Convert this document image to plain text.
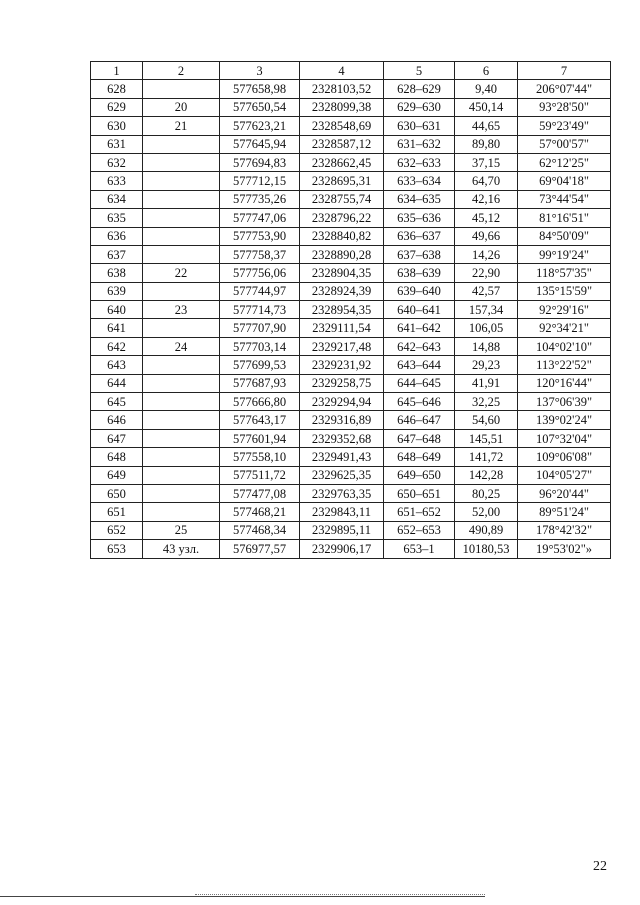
1	2	3	4	5	6	7
628		577658,98	2328103,52	628–629	9,40	206°07'44"
629	20	577650,54	2328099,38	629–630	450,14	93°28'50"
630	21	577623,21	2328548,69	630–631	44,65	59°23'49"
631		577645,94	2328587,12	631–632	89,80	57°00'57"
632		577694,83	2328662,45	632–633	37,15	62°12'25"
633		577712,15	2328695,31	633–634	64,70	69°04'18"
634		577735,26	2328755,74	634–635	42,16	73°44'54"
635		577747,06	2328796,22	635–636	45,12	81°16'51"
636		577753,90	2328840,82	636–637	49,66	84°50'09"
637		577758,37	2328890,28	637–638	14,26	99°19'24"
638	22	577756,06	2328904,35	638–639	22,90	118°57'35"
639		577744,97	2328924,39	639–640	42,57	135°15'59"
640	23	577714,73	2328954,35	640–641	157,34	92°29'16"
641		577707,90	2329111,54	641–642	106,05	92°34'21"
642	24	577703,14	2329217,48	642–643	14,88	104°02'10"
643		577699,53	2329231,92	643–644	29,23	113°22'52"
644		577687,93	2329258,75	644–645	41,91	120°16'44"
645		577666,80	2329294,94	645–646	32,25	137°06'39"
646		577643,17	2329316,89	646–647	54,60	139°02'24"
647		577601,94	2329352,68	647–648	145,51	107°32'04"
648		577558,10	2329491,43	648–649	141,72	109°06'08"
649		577511,72	2329625,35	649–650	142,28	104°05'27"
650		577477,08	2329763,35	650–651	80,25	96°20'44"
651		577468,21	2329843,11	651–652	52,00	89°51'24"
652	25	577468,34	2329895,11	652–653	490,89	178°42'32"
653	43 узл.	576977,57	2329906,17	653–1	10180,53	19°53'02"»
22
